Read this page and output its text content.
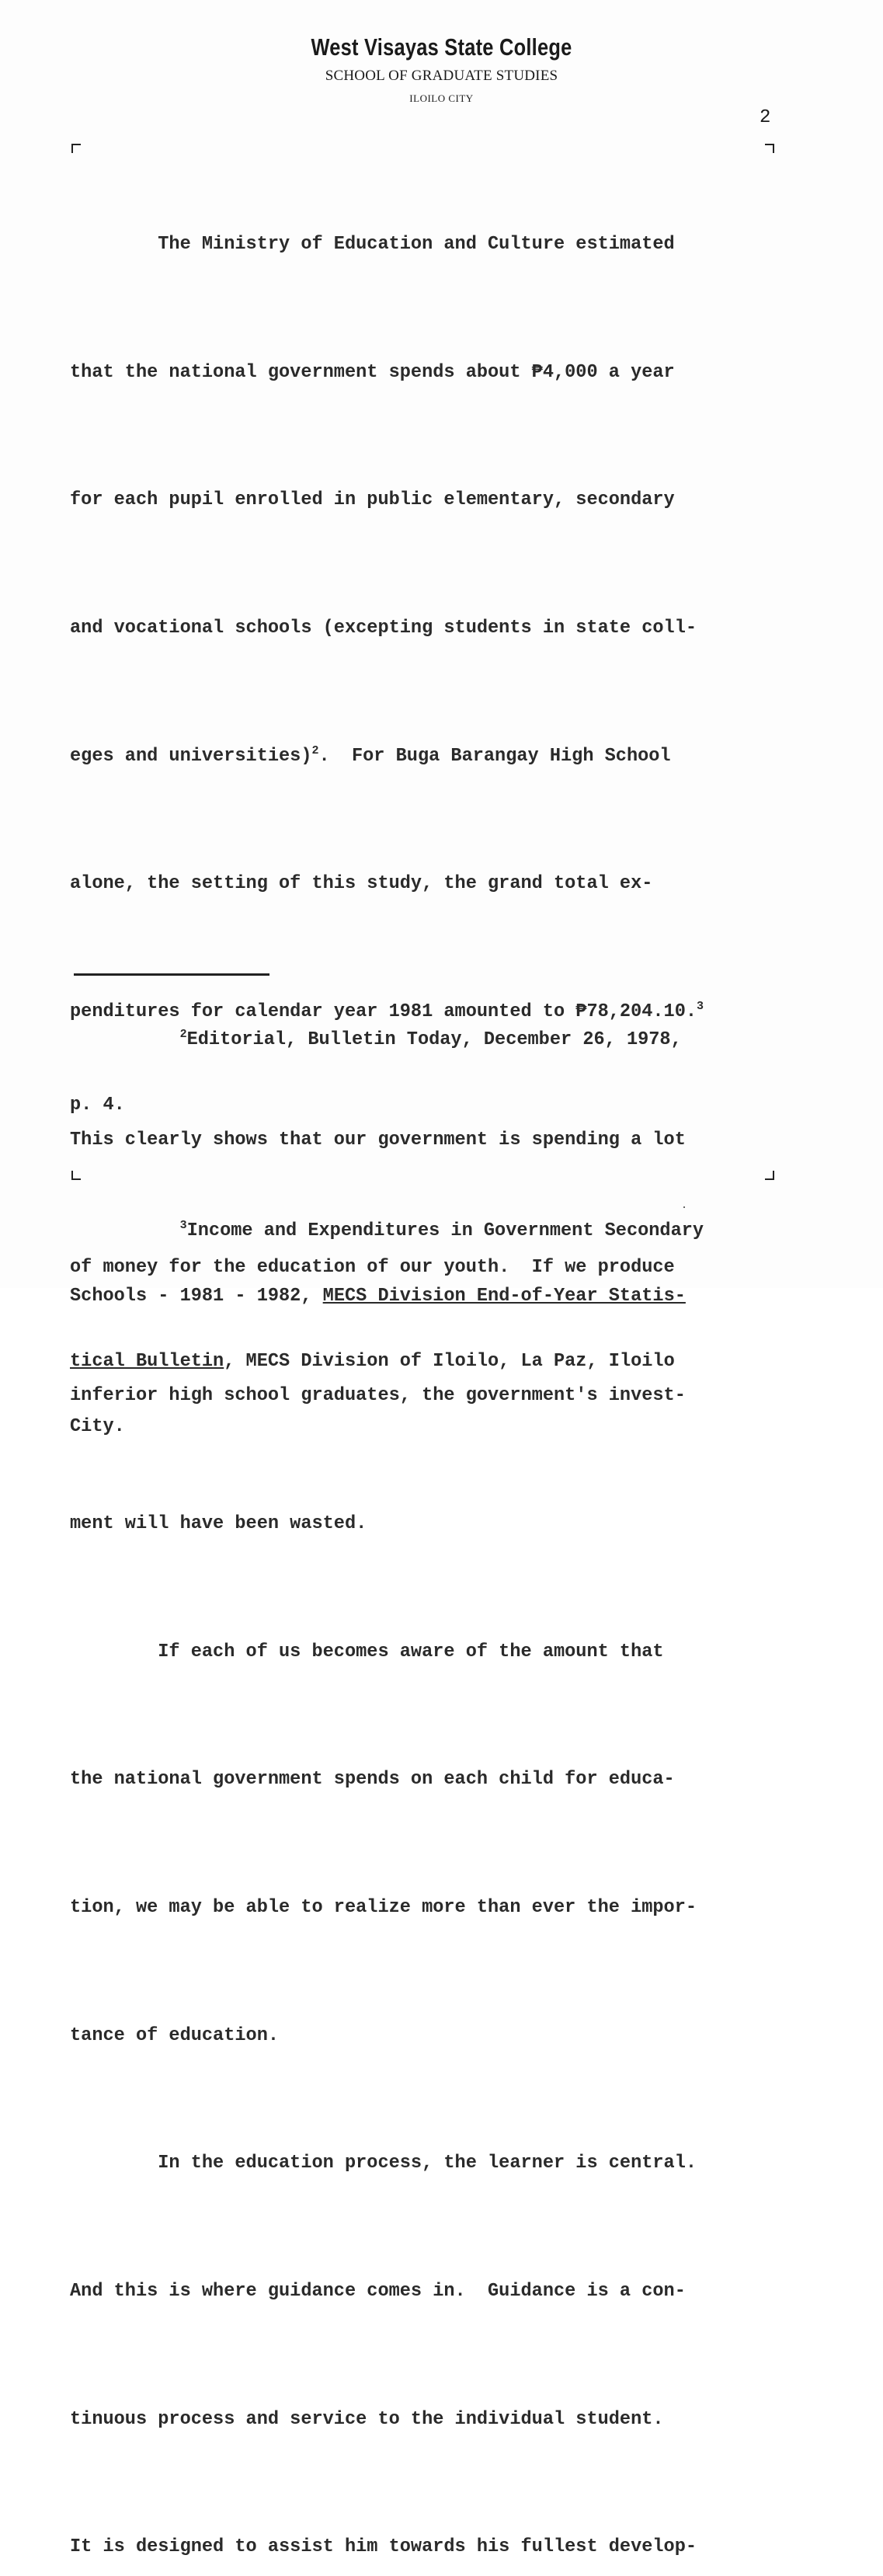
West Visayas State College
SCHOOL OF GRADUATE STUDIES
ILOILO CITY
2

The Ministry of Education and Culture estimated

that the national government spends about ₱4,000 a year

for each pupil enrolled in public elementary, secondary

and vocational schools (excepting students in state coll-

eges and universities)$^2$.  For Buga Barangay High School

alone, the setting of this study, the grand total ex-

penditures for calendar year 1981 amounted to ₱78,204.10.$^3$

This clearly shows that our government is spending a lot

of money for the education of our youth.  If we produce

inferior high school graduates, the government's invest-

ment will have been wasted.

If each of us becomes aware of the amount that

the national government spends on each child for educa-

tion, we may be able to realize more than ever the impor-

tance of education.

In the education process, the learner is central.

And this is where guidance comes in.  Guidance is a con-

tinuous process and service to the individual student.

It is designed to assist him towards his fullest develop-

$^2$Editorial, Bulletin Today, December 26, 1978,

p. 4.

$^3$Income and Expenditures in Government Secondary

Schools - 1981 - 1982, MECS Division End-of-Year Statis-

tical Bulletin, MECS Division of Iloilo, La Paz, Iloilo

City.
